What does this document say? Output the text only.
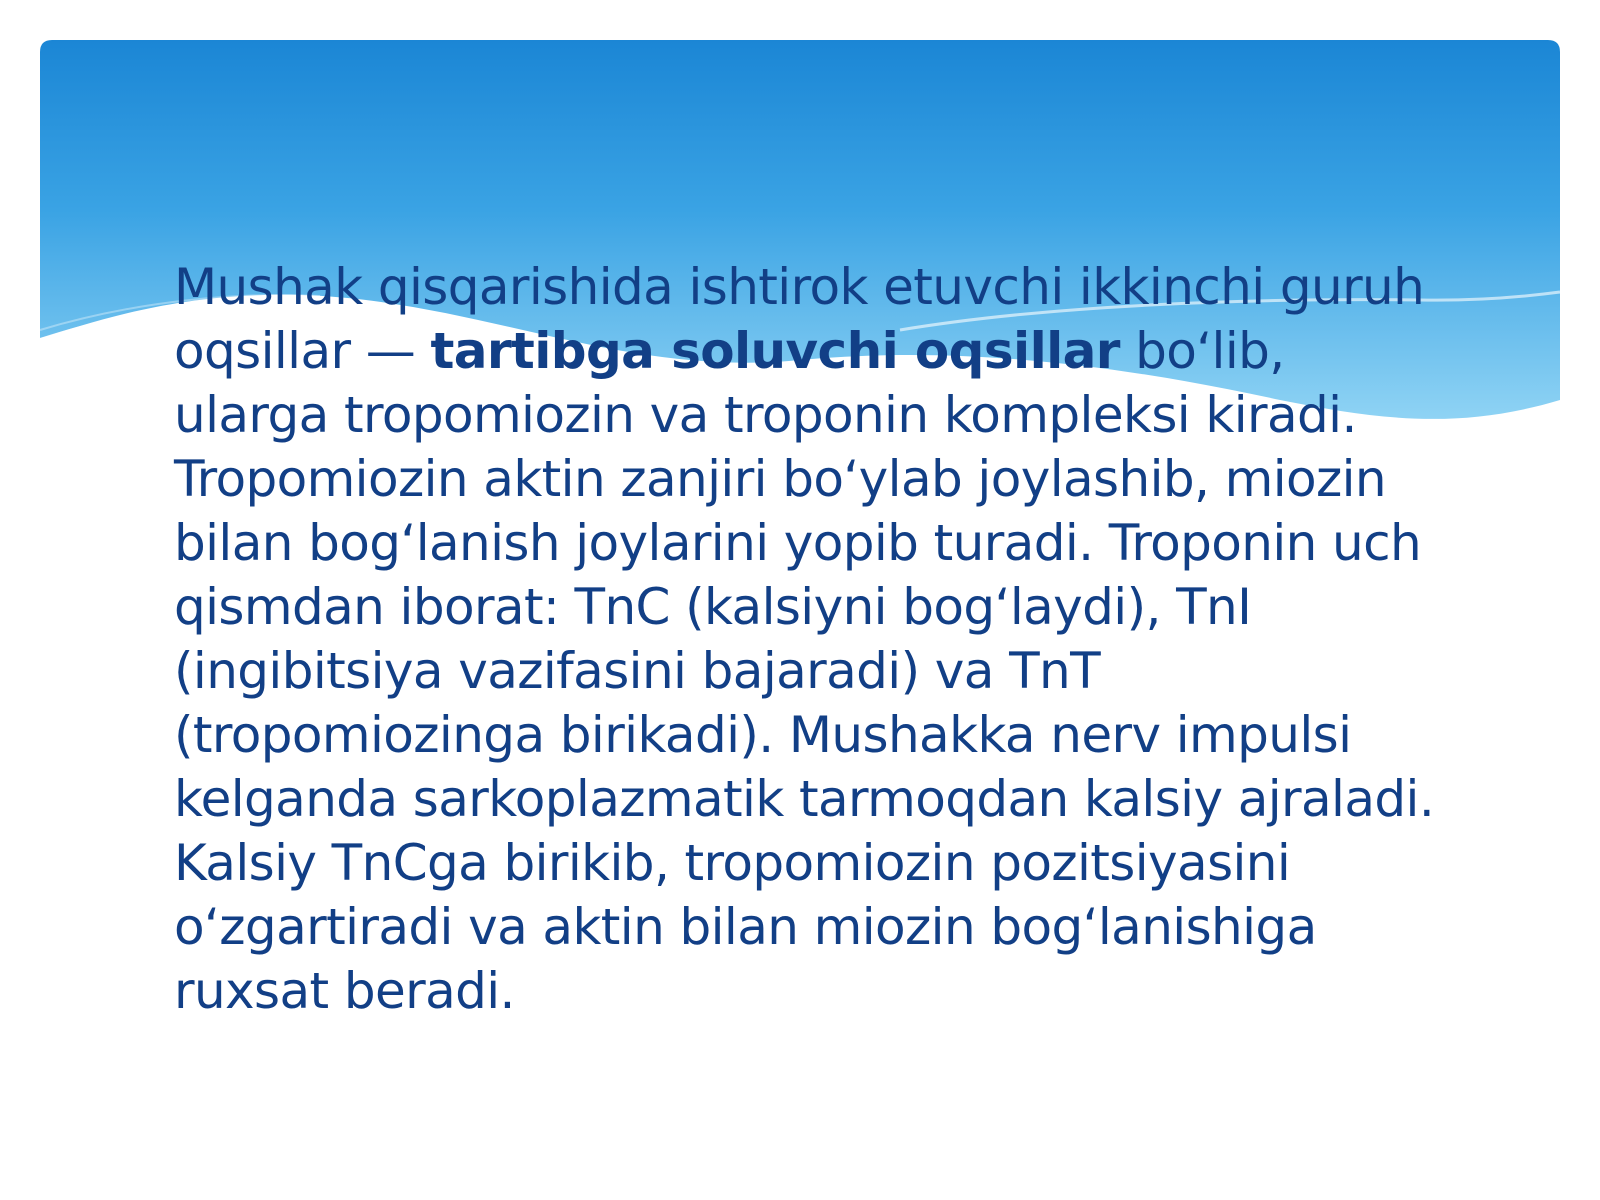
Mushak qisqarishida ishtirok etuvchi ikkinchi guruh oqsillar — tartibga soluvchi oqsillar bo‘lib, ularga tropomiozin va troponin kompleksi kiradi. Tropomiozin aktin zanjiri bo‘ylab joylashib, miozin bilan bog‘lanish joylarini yopib turadi. Troponin uch qismdan iborat: TnC (kalsiyni bog‘laydi), TnI (ingibitsiya vazifasini bajaradi) va TnT (tropomiozinga birikadi). Mushakka nerv impulsi kelganda sarkoplazmatik tarmoqdan kalsiy ajraladi. Kalsiy TnCga birikib, tropomiozin pozitsiyasini o‘zgartiradi va aktin bilan miozin bog‘lanishiga ruxsat beradi.
